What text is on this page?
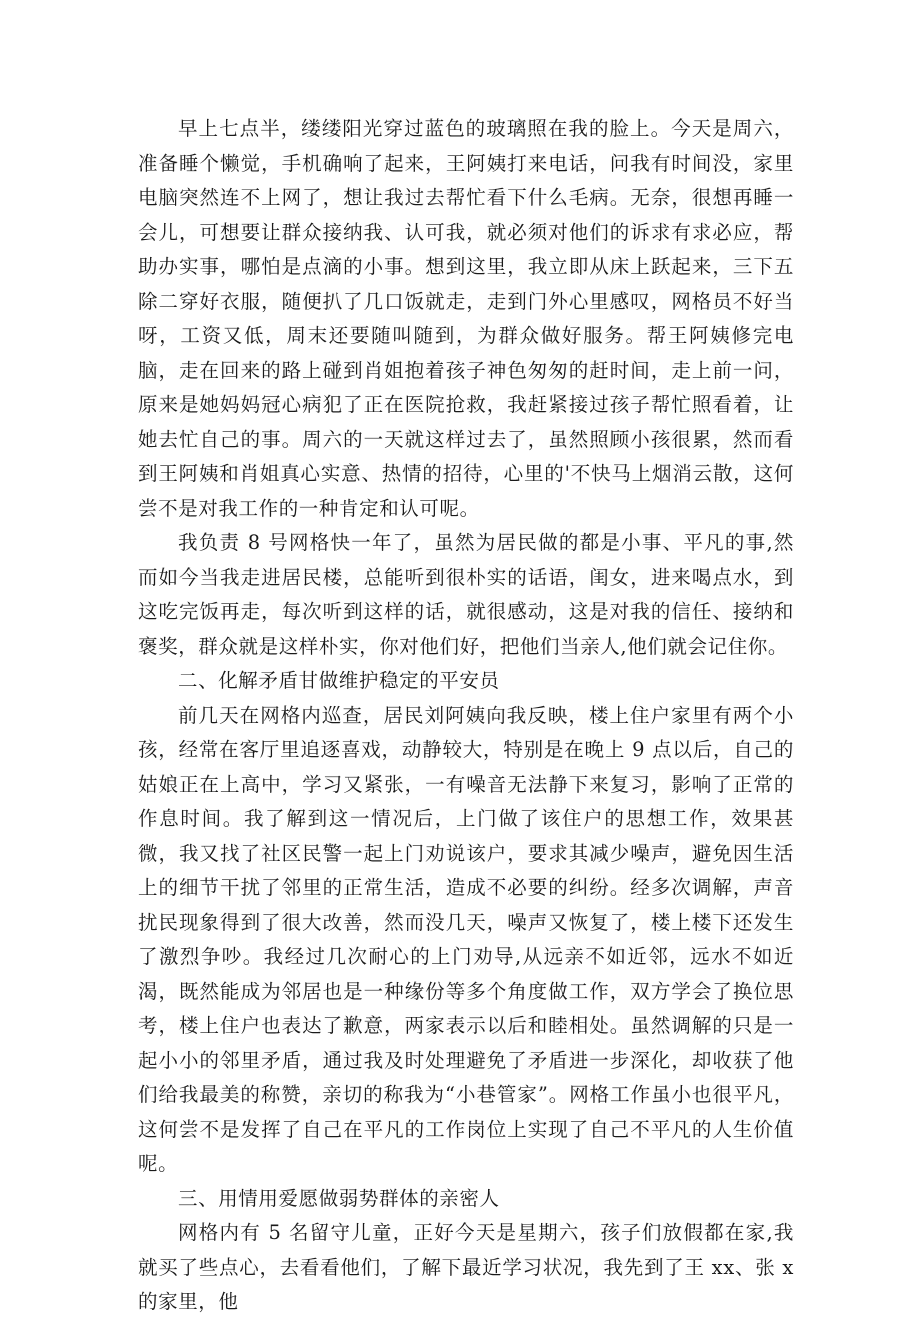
早上七点半，缕缕阳光穿过蓝色的玻璃照在我的脸上。今天是周六，准备睡个懒觉，手机确响了起来，王阿姨打来电话，问我有时间没，家里电脑突然连不上网了，想让我过去帮忙看下什么毛病。无奈，很想再睡一会儿，可想要让群众接纳我、认可我，就必须对他们的诉求有求必应，帮助办实事，哪怕是点滴的小事。想到这里，我立即从床上跃起来，三下五除二穿好衣服，随便扒了几口饭就走，走到门外心里感叹，网格员不好当呀，工资又低，周末还要随叫随到，为群众做好服务。帮王阿姨修完电脑，走在回来的路上碰到肖姐抱着孩子神色匆匆的赶时间，走上前一问，原来是她妈妈冠心病犯了正在医院抢救，我赶紧接过孩子帮忙照看着，让她去忙自己的事。周六的一天就这样过去了，虽然照顾小孩很累，然而看到王阿姨和肖姐真心实意、热情的招待，心里的'不快马上烟消云散，这何尝不是对我工作的一种肯定和认可呢。

我负责 8 号网格快一年了，虽然为居民做的都是小事、平凡的事,然而如今当我走进居民楼，总能听到很朴实的话语，闺女，进来喝点水，到这吃完饭再走，每次听到这样的话，就很感动，这是对我的信任、接纳和褒奖，群众就是这样朴实，你对他们好，把他们当亲人,他们就会记住你。

二、化解矛盾甘做维护稳定的平安员

前几天在网格内巡查，居民刘阿姨向我反映，楼上住户家里有两个小孩，经常在客厅里追逐喜戏，动静较大，特别是在晚上 9 点以后，自己的姑娘正在上高中，学习又紧张，一有噪音无法静下来复习，影响了正常的作息时间。我了解到这一情况后，上门做了该住户的思想工作，效果甚微，我又找了社区民警一起上门劝说该户，要求其减少噪声，避免因生活上的细节干扰了邻里的正常生活，造成不必要的纠纷。经多次调解，声音扰民现象得到了很大改善，然而没几天，噪声又恢复了，楼上楼下还发生了激烈争吵。我经过几次耐心的上门劝导,从远亲不如近邻，远水不如近渴，既然能成为邻居也是一种缘份等多个角度做工作，双方学会了换位思考，楼上住户也表达了歉意，两家表示以后和睦相处。虽然调解的只是一起小小的邻里矛盾，通过我及时处理避免了矛盾进一步深化，却收获了他们给我最美的称赞，亲切的称我为“小巷管家”。网格工作虽小也很平凡，这何尝不是发挥了自己在平凡的工作岗位上实现了自己不平凡的人生价值呢。

三、用情用爱愿做弱势群体的亲密人

网格内有 5 名留守儿童，正好今天是星期六，孩子们放假都在家,我就买了些点心，去看看他们，了解下最近学习状况，我先到了王 xx、张 x 的家里，他
